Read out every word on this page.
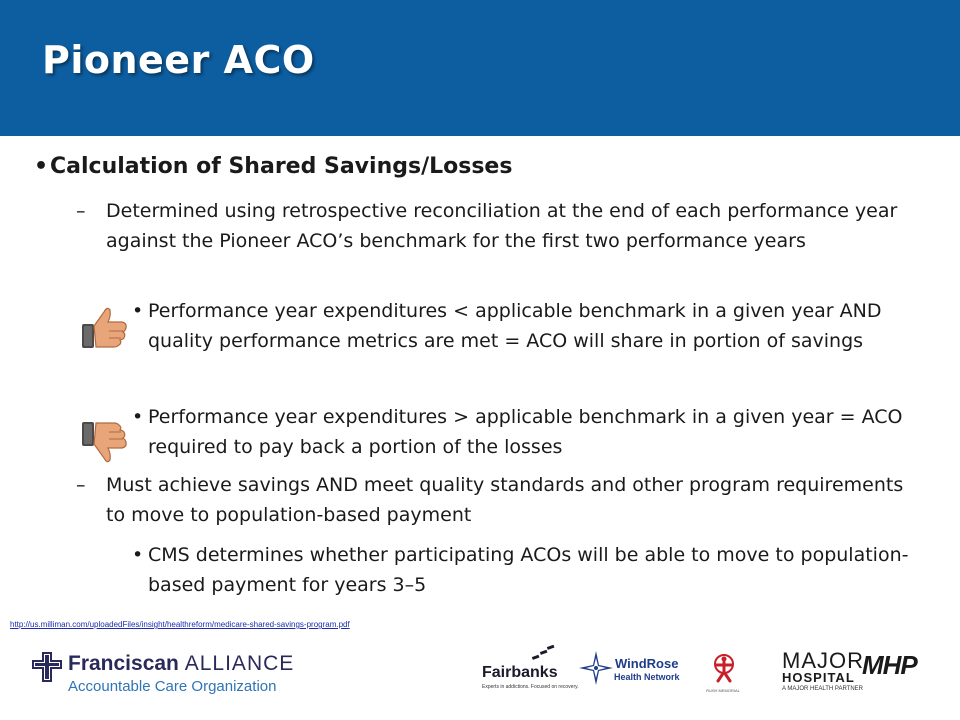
Pioneer ACO
• Calculation of Shared Savings/Losses
– Determined using retrospective reconciliation at the end of each performance year against the Pioneer ACO’s benchmark for the first two performance years
• Performance year expenditures < applicable benchmark in a given year AND quality performance metrics are met = ACO will share in portion of savings
• Performance year expenditures > applicable benchmark in a given year = ACO required to pay back a portion of the losses
– Must achieve savings AND meet quality standards and other program requirements to move to population-based payment
• CMS determines whether participating ACOs will be able to move to population-based payment for years 3–5
http://us.milliman.com/uploadedFiles/insight/healthreform/medicare-shared-savings-program.pdf
Franciscan ALLIANCE
Accountable Care Organization
Fairbanks
Experts in addictions. Focused on recovery.
WindRose
Health Network
RUSH MEMORIAL
MAJOR
HOSPITAL
A MAJOR HEALTH PARTNER
MHP
